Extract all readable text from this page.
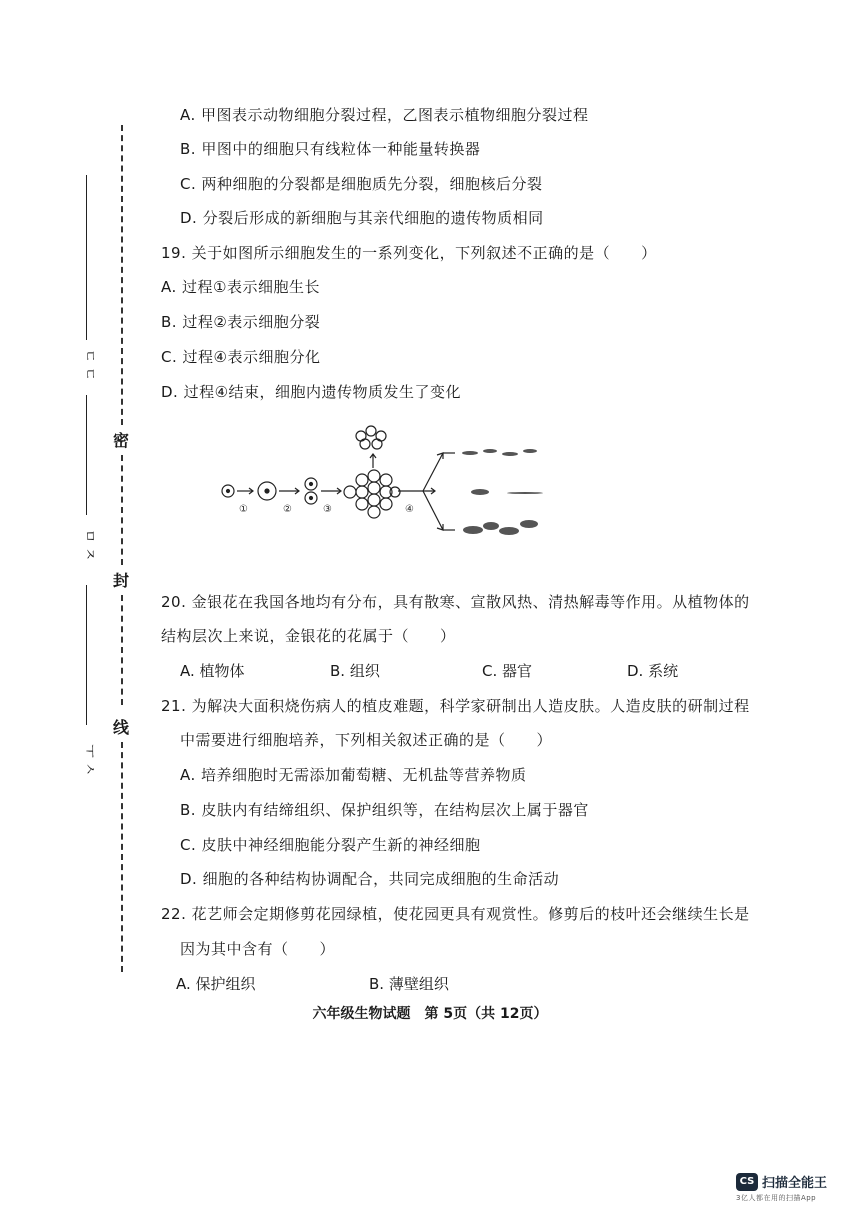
密
封
线
ㄷ ㄷ
ㅁ ㅈ
ㅜ ㅅ
A. 甲图表示动物细胞分裂过程，乙图表示植物细胞分裂过程
B. 甲图中的细胞只有线粒体一种能量转换器
C. 两种细胞的分裂都是细胞质先分裂，细胞核后分裂
D. 分裂后形成的新细胞与其亲代细胞的遗传物质相同
19. 关于如图所示细胞发生的一系列变化，下列叙述不正确的是（　　）
A. 过程①表示细胞生长
B. 过程②表示细胞分裂
C. 过程④表示细胞分化
D. 过程④结束，细胞内遗传物质发生了变化
①	②	③	④
20. 金银花在我国各地均有分布，具有散寒、宣散风热、清热解毒等作用。从植物体的
结构层次上来说，金银花的花属于（　　）
A. 植物体	B. 组织	C. 器官	D. 系统
21. 为解决大面积烧伤病人的植皮难题，科学家研制出人造皮肤。人造皮肤的研制过程
中需要进行细胞培养，下列相关叙述正确的是（　　）
A. 培养细胞时无需添加葡萄糖、无机盐等营养物质
B. 皮肤内有结缔组织、保护组织等，在结构层次上属于器官
C. 皮肤中神经细胞能分裂产生新的神经细胞
D. 细胞的各种结构协调配合，共同完成细胞的生命活动
22. 花艺师会定期修剪花园绿植，使花园更具有观赏性。修剪后的枝叶还会继续生长是
因为其中含有（　　）
A. 保护组织	B. 薄壁组织
六年级生物试题　第 5页（共 12页）
CS 扫描全能王
3亿人都在用的扫描App
